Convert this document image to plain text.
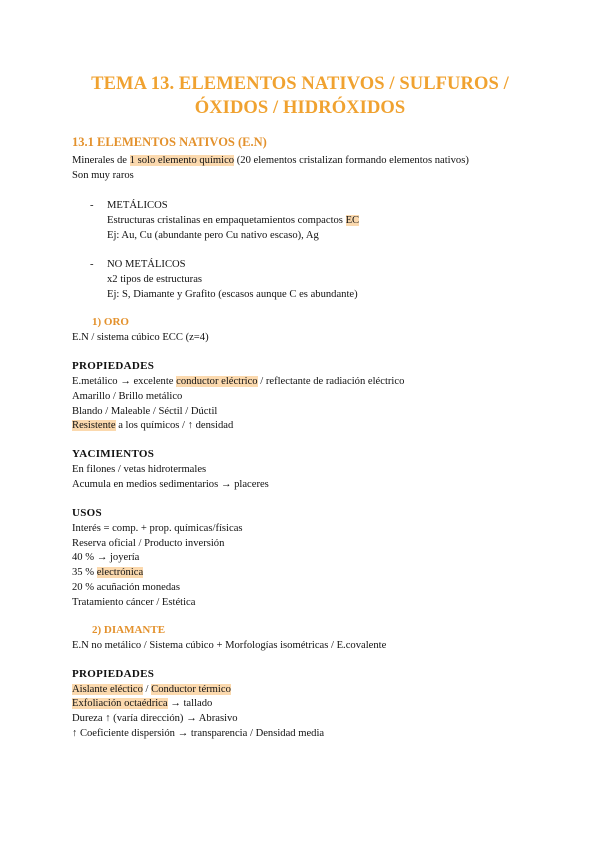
TEMA 13. ELEMENTOS NATIVOS / SULFUROS /
ÓXIDOS / HIDRÓXIDOS
13.1 ELEMENTOS NATIVOS (E.N)
Minerales de 1 solo elemento químico (20 elementos cristalizan formando elementos nativos)
Son muy raros
- METÁLICOS
Estructuras cristalinas en empaquetamientos compactos EC
Ej: Au, Cu (abundante pero Cu nativo escaso), Ag
- NO METÁLICOS
x2 tipos de estructuras
Ej: S, Diamante y Grafito (escasos aunque C es abundante)
1) ORO
E.N / sistema cúbico ECC (z=4)
PROPIEDADES
E.metálico → excelente conductor eléctrico / reflectante de radiación eléctrico
Amarillo / Brillo metálico
Blando / Maleable / Séctil / Dúctil
Resistente a los químicos / ↑ densidad
YACIMIENTOS
En filones / vetas hidrotermales
Acumula en medios sedimentarios → placeres
USOS
Interés = comp. + prop. químicas/físicas
Reserva oficial / Producto inversión
40 % → joyería
35 % electrónica
20 % acuñación monedas
Tratamiento cáncer / Estética
2) DIAMANTE
E.N no metálico / Sistema cúbico + Morfologías isométricas / E.covalente
PROPIEDADES
Aislante eléctico / Conductor térmico
Exfoliación octaédrica → tallado
Dureza ↑ (varía dirección) → Abrasivo
↑ Coeficiente dispersión → transparencia / Densidad media
